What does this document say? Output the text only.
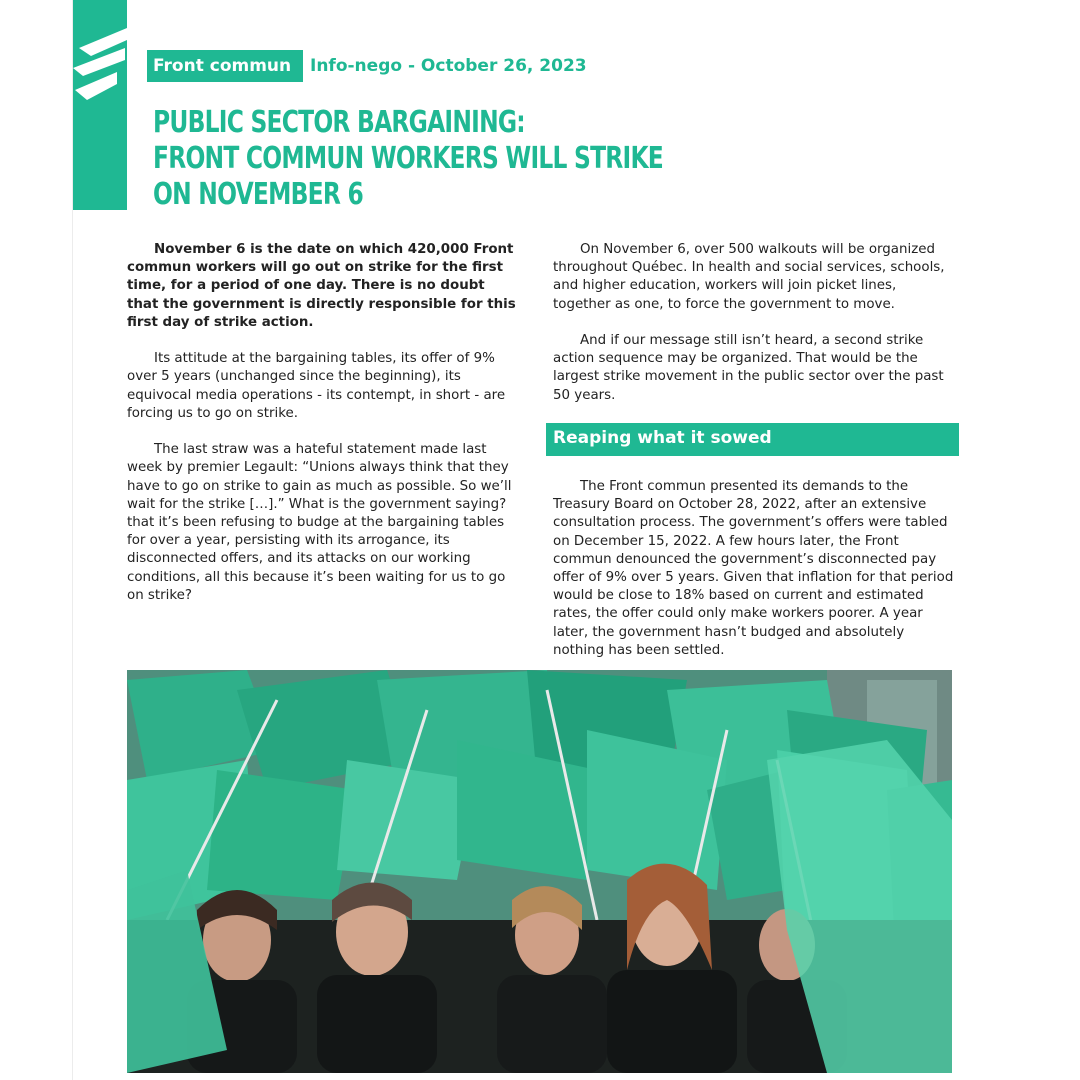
Front commun	Info-nego - October 26, 2023
PUBLIC SECTOR BARGAINING:
FRONT COMMUN WORKERS WILL STRIKE
ON NOVEMBER 6

November 6 is the date on which 420,000 Front commun workers will go out on strike for the first time, for a period of one day. There is no doubt that the government is directly responsible for this first day of strike action.

Its attitude at the bargaining tables, its offer of 9% over 5 years (unchanged since the beginning), its equivocal media operations - its contempt, in short - are forcing us to go on strike.

The last straw was a hateful statement made last week by premier Legault: “Unions always think that they have to go on strike to gain as much as possible. So we’ll wait for the strike […].” What is the government saying? that it’s been refusing to budge at the bargaining tables for over a year, persisting with its arrogance, its disconnected offers, and its attacks on our working conditions, all this because it’s been waiting for us to go on strike?

On November 6, over 500 walkouts will be organized throughout Québec. In health and social services, schools, and higher education, workers will join picket lines, together as one, to force the government to move.

And if our message still isn’t heard, a second strike action sequence may be organized. That would be the largest strike movement in the public sector over the past 50 years.

Reaping what it sowed

The Front commun presented its demands to the Treasury Board on October 28, 2022, after an extensive consultation process. The government’s offers were tabled on December 15, 2022. A few hours later, the Front commun denounced the government’s disconnected pay offer of 9% over 5 years. Given that inflation for that period would be close to 18% based on current and estimated rates, the offer could only make workers poorer. A year later, the government hasn’t budged and absolutely nothing has been settled.
